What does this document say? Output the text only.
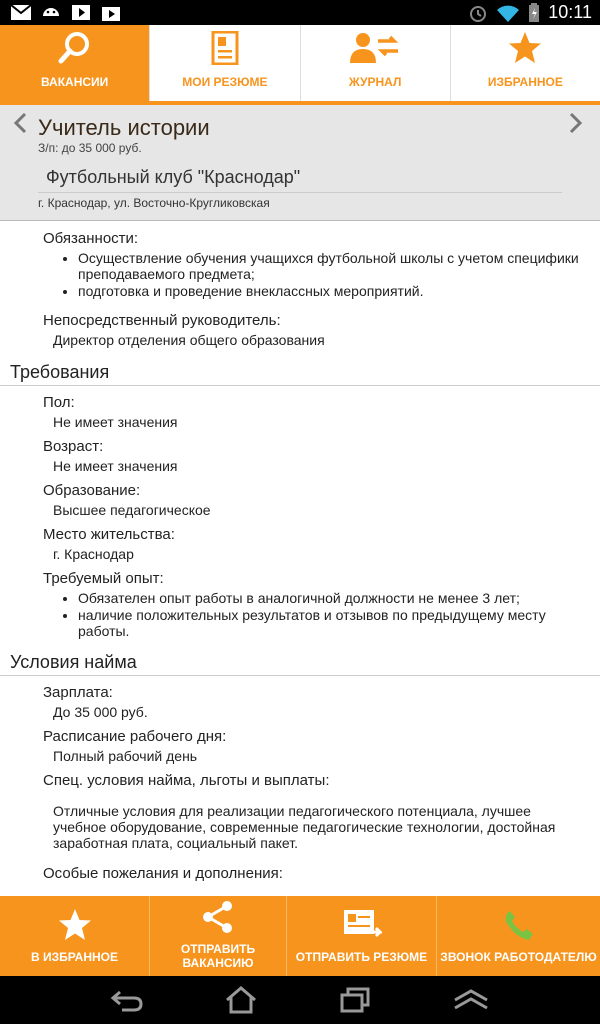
10:11
ВАКАНСИИ	МОИ РЕЗЮМЕ	ЖУРНАЛ	ИЗБРАННОЕ
Учитель истории
З/п: до 35 000 руб.
Футбольный клуб "Краснодар"
г. Краснодар, ул. Восточно-Кругликовская
Обязанности:
• Осуществление обучения учащихся футбольной школы с учетом специфики преподаваемого предмета;
• подготовка и проведение внеклассных мероприятий.
Непосредственный руководитель:
Директор отделения общего образования
Требования
Пол:
Не имеет значения
Возраст:
Не имеет значения
Образование:
Высшее педагогическое
Место жительства:
г. Краснодар
Требуемый опыт:
• Обязателен опыт работы в аналогичной должности не менее 3 лет;
• наличие положительных результатов и отзывов по предыдущему месту работы.
Условия найма
Зарплата:
До 35 000 руб.
Расписание рабочего дня:
Полный рабочий день
Спец. условия найма, льготы и выплаты:
Отличные условия для реализации педагогического потенциала, лучшее учебное оборудование, современные педагогические технологии, достойная заработная плата, социальный пакет.
Особые пожелания и дополнения:
В ИЗБРАННОЕ
ОТПРАВИТЬ ВАКАНСИЮ	ОТПРАВИТЬ РЕЗЮМЕ ЗВОНОК РАБОТОДАТЕЛЮ
